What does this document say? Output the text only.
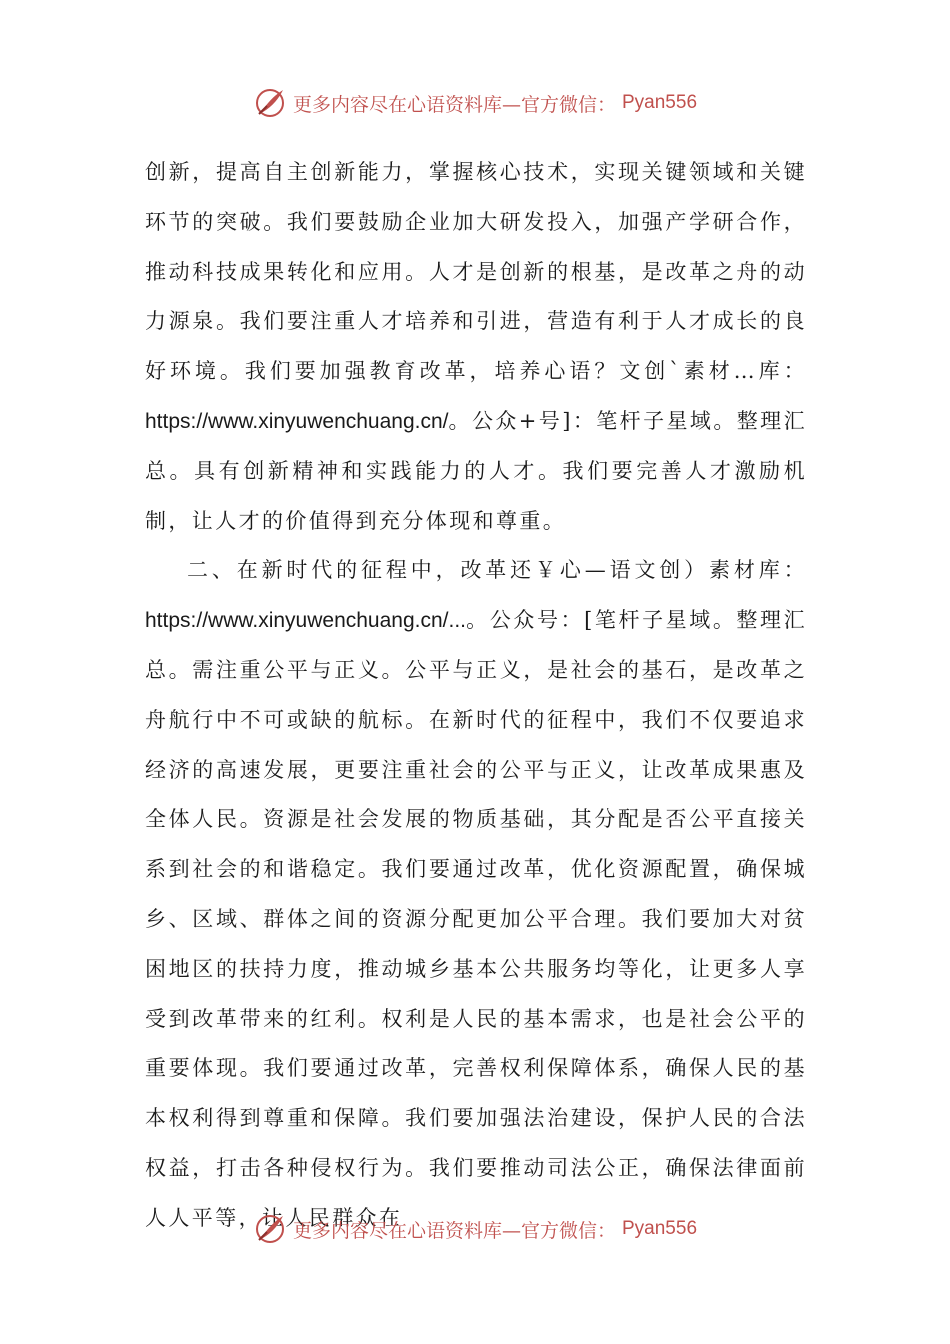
更多内容尽在心语资料库—官方微信： Pyan556

创新，提高自主创新能力，掌握核心技术，实现关键领域和关键环节的突破。我们要鼓励企业加大研发投入，加强产学研合作，推动科技成果转化和应用。人才是创新的根基，是改革之舟的动力源泉。我们要注重人才培养和引进，营造有利于人才成长的良好环境。我们要加强教育改革，培养心语？文创`素材…库：https://www.xinyuwenchuang.cn/。公众+号]：笔杆子星域。整理汇总。具有创新精神和实践能力的人才。我们要完善人才激励机制，让人才的价值得到充分体现和尊重。

二、在新时代的征程中，改革还￥心—语文创）素材库：https://www.xinyuwenchuang.cn/...。公众号：[笔杆子星域。整理汇总。需注重公平与正义。公平与正义，是社会的基石，是改革之舟航行中不可或缺的航标。在新时代的征程中，我们不仅要追求经济的高速发展，更要注重社会的公平与正义，让改革成果惠及全体人民。资源是社会发展的物质基础，其分配是否公平直接关系到社会的和谐稳定。我们要通过改革，优化资源配置，确保城乡、区域、群体之间的资源分配更加公平合理。我们要加大对贫困地区的扶持力度，推动城乡基本公共服务均等化，让更多人享受到改革带来的红利。权利是人民的基本需求，也是社会公平的重要体现。我们要通过改革，完善权利保障体系，确保人民的基本权利得到尊重和保障。我们要加强法治建设，保护人民的合法权益，打击各种侵权行为。我们要推动司法公正，确保法律面前人人平等，让人民群众在

更多内容尽在心语资料库—官方微信： Pyan556
